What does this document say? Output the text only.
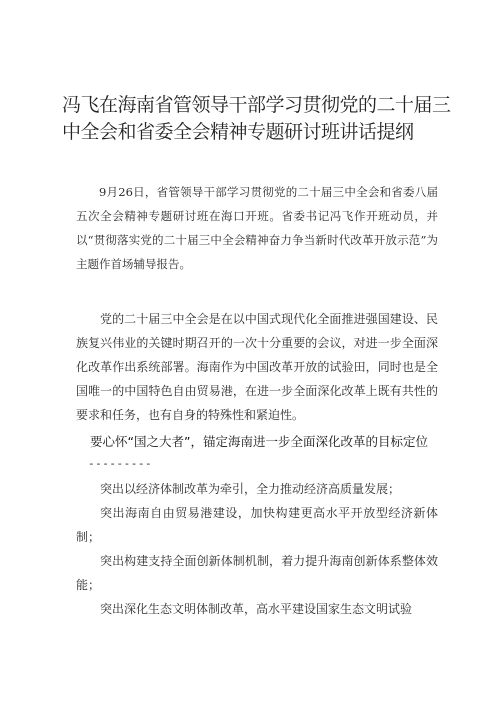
冯飞在海南省管领导干部学习贯彻党的二十届三中全会和省委全会精神专题研讨班讲话提纲

9月26日，省管领导干部学习贯彻党的二十届三中全会和省委八届五次全会精神专题研讨班在海口开班。省委书记冯飞作开班动员，并以“贯彻落实党的二十届三中全会精神奋力争当新时代改革开放示范”为主题作首场辅导报告。

党的二十届三中全会是在以中国式现代化全面推进强国建设、民族复兴伟业的关键时期召开的一次十分重要的会议，对进一步全面深化改革作出系统部署。海南作为中国改革开放的试验田，同时也是全国唯一的中国特色自由贸易港，在进一步全面深化改革上既有共性的要求和任务，也有自身的特殊性和紧迫性。

要心怀“国之大者”，锚定海南进一步全面深化改革的目标定位

---------

突出以经济体制改革为牵引，全力推动经济高质量发展；
突出海南自由贸易港建设，加快构建更高水平开放型经济新体制；
突出构建支持全面创新体制机制，着力提升海南创新体系整体效能；
突出深化生态文明体制改革，高水平建设国家生态文明试验
